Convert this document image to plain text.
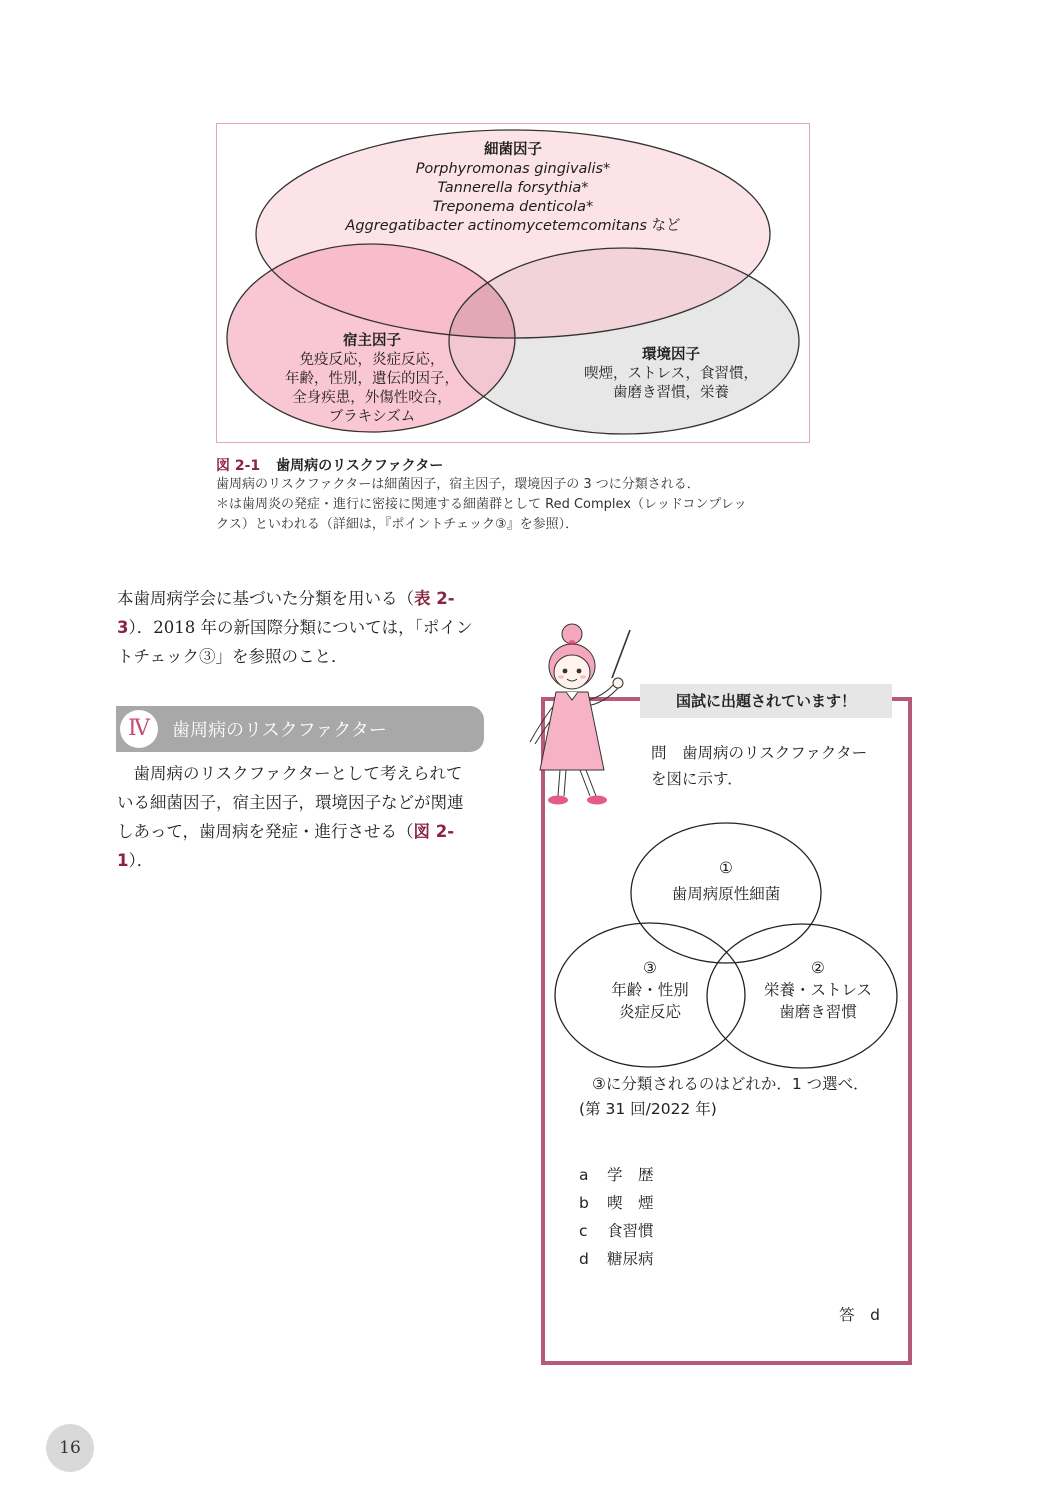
細菌因子
Porphyromonas gingivalis*
Tannerella forsythia*
Treponema denticola*
Aggregatibacter actinomycetemcomitans など
宿主因子
免疫反応，炎症反応，
年齢，性別，遺伝的因子，
全身疾患，外傷性咬合，
ブラキシズム
環境因子
喫煙，ストレス，食習慣，
歯磨き習慣，栄養
図 2-1 歯周病のリスクファクター
歯周病のリスクファクターは細菌因子，宿主因子，環境因子の 3 つに分類される．
＊は歯周炎の発症・進行に密接に関連する細菌群として Red Complex（レッドコンプレッ
クス）といわれる（詳細は，『ポイントチェック③』を参照）．
本歯周病学会に基づいた分類を用いる（表 2-
3）．2018 年の新国際分類については，「ポイン
トチェック③」を参照のこと．
Ⅳ	歯周病のリスクファクター
歯周病のリスクファクターとして考えられて
いる細菌因子，宿主因子，環境因子などが関連
しあって，歯周病を発症・進行させる（図 2-1）．
国試に出題されています！
問　歯周病のリスクファクター
を図に示す．
①
歯周病原性細菌
③
年齢・性別
炎症反応
②
栄養・ストレス
歯磨き習慣
③に分類されるのはどれか．1 つ選べ．
(第 31 回/2022 年)
a 学　歴
b 喫　煙
c 食習慣
d 糖尿病
答　d
16
